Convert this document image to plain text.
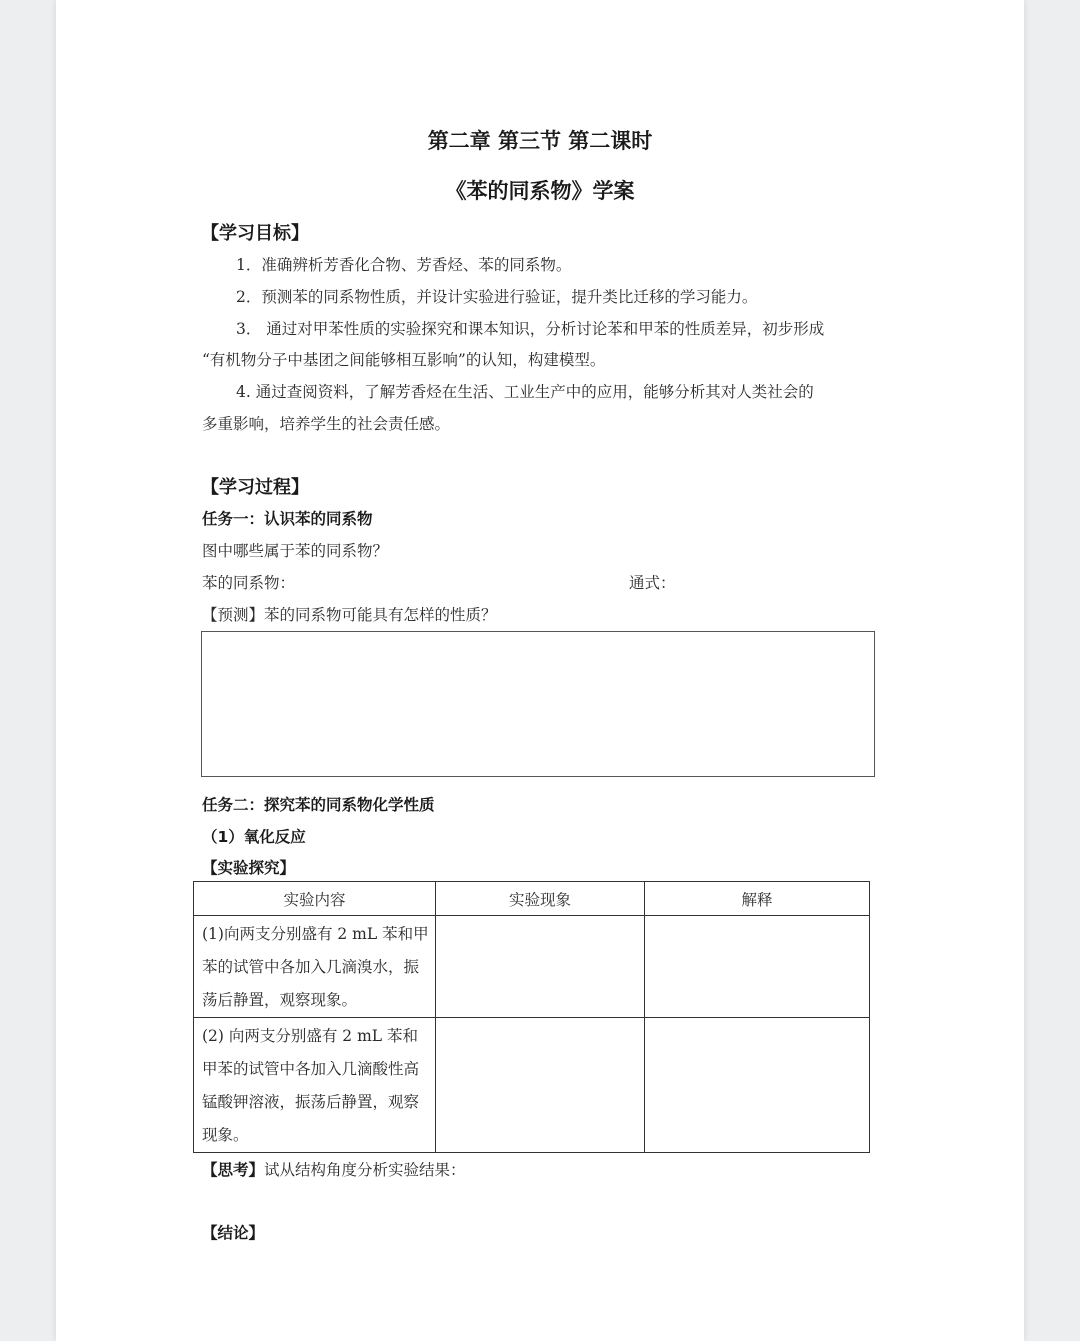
第二章 第三节 第二课时
《苯的同系物》学案
【学习目标】
1．准确辨析芳香化合物、芳香烃、苯的同系物。
2．预测苯的同系物性质，并设计实验进行验证，提升类比迁移的学习能力。
3． 通过对甲苯性质的实验探究和课本知识，分析讨论苯和甲苯的性质差异，初步形成
“有机物分子中基团之间能够相互影响”的认知，构建模型。
4. 通过查阅资料，了解芳香烃在生活、工业生产中的应用，能够分析其对人类社会的
多重影响，培养学生的社会责任感。
【学习过程】
任务一：认识苯的同系物
图中哪些属于苯的同系物？
苯的同系物：	通式：
【预测】苯的同系物可能具有怎样的性质？
任务二：探究苯的同系物化学性质
（1）氧化反应
【实验探究】
实验内容	实验现象	解释
(1)向两支分别盛有 2 mL 苯和甲苯的试管中各加入几滴溴水，振荡后静置，观察现象。		
(2) 向两支分别盛有 2 mL 苯和甲苯的试管中各加入几滴酸性高锰酸钾溶液，振荡后静置，观察现象。		
【思考】试从结构角度分析实验结果：
【结论】
